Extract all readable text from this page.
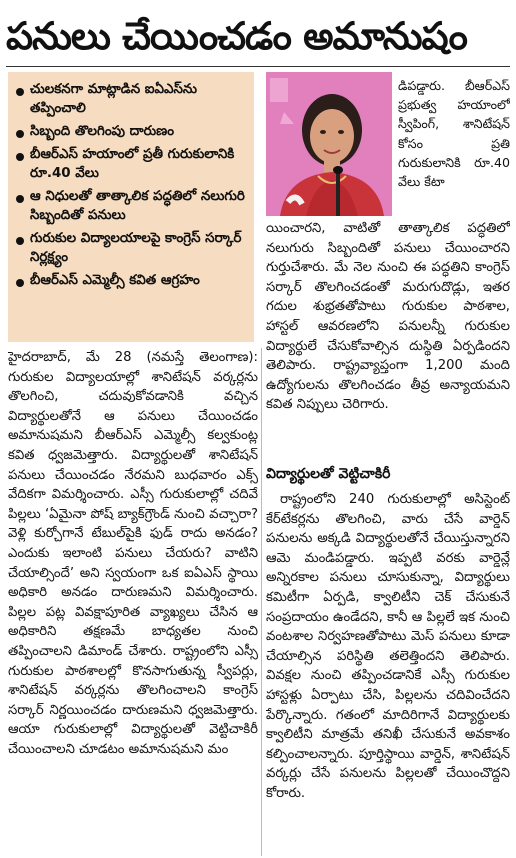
పనులు చేయించడం అమానుషం
చులకనగా మాట్లాడిన ఐఏఎస్‌ను తప్పించాలి
సిబ్బంది తొలగింపు దారుణం
బీఆర్ఎస్ హయాంలో ప్రతీ గురుకులానికి రూ.40 వేలు
ఆ నిధులతో తాత్కాలిక పద్ధతిలో నలుగురి సిబ్బందితో పనులు
గురుకుల విద్యాలయాలపై కాంగ్రెస్ సర్కార్ నిర్లక్ష్యం
బీఆర్ఎస్ ఎమ్మెల్సీ కవిత ఆగ్రహం

డిపడ్డారు. బీఆర్ఎస్ ప్రభుత్వ హయాంలో స్వీపింగ్, శానిటేషన్ కోసం ప్రతి గురుకులానికి రూ.40 వేలు కేటా

యించారని, వాటితో తాత్కాలిక పద్ధతిలో నలుగురు సిబ్బందితో పనులు చేయించారని గుర్తుచేశారు. మే నెల నుంచి ఈ పద్ధతిని కాంగ్రెస్ సర్కార్ తొలగించడంతో మరుగుదొడ్లు, ఇతర గదుల శుభ్రతతోపాటు గురుకుల పాఠశాల, హాస్టల్ ఆవరణలోని పనులన్నీ గురుకుల విద్యార్థులే చేసుకోవాల్సిన దుస్థితి ఏర్పడిందని తెలిపారు. రాష్ట్రవ్యాప్తంగా 1,200 మంది ఉద్యోగులను తొలగించడం తీవ్ర అన్యాయమని కవిత నిప్పులు చెరిగారు.

హైదరాబాద్, మే 28 (నమస్తే తెలంగాణ): గురుకుల విద్యాలయాల్లో శానిటేషన్ వర్కర్లను తొలగించి, చదువుకోవడానికి వచ్చిన విద్యార్థులతోనే ఆ పనులు చేయించడం అమానుషమని బీఆర్ఎస్ ఎమ్మెల్సీ కల్వకుంట్ల కవిత ధ్వజమెత్తారు. విద్యార్థులతో శానిటేషన్ పనులు చేయించడం నేరమని బుధవారం ఎక్స్ వేదికగా విమర్శించారు. ఎస్సీ గురుకులాల్లో చదివే పిల్లలు ‘ఏమైనా పోష్ బ్యాక్‌గ్రౌండ్ నుంచి వచ్చారా? వెళ్లి కుర్చోగానే టేబుల్‌పైకి ఫుడ్ రాదు అనడం? ఎందుకు ఇలాంటి పనులు చేయరు? వాటిని చేయాల్సిందే’ అని స్వయంగా ఒక ఐఏఎస్ స్థాయి అధికారి అనడం దారుణమని విమర్శించారు. పిల్లల పట్ల వివక్షాపూరిత వ్యాఖ్యలు చేసిన ఆ అధికారిని తక్షణమే బాధ్యతల నుంచి తప్పించాలని డిమాండ్ చేశారు. రాష్ట్రంలోని ఎస్సీ గురుకుల పాఠశాలల్లో కొనసాగుతున్న స్వీపర్లు, శానిటేషన్ వర్కర్లను తొలగించాలని కాంగ్రెస్ సర్కార్ నిర్ణయించడం దారుణమని ధ్వజమెత్తారు. ఆయా గురుకులాల్లో విద్యార్థులతో వెట్టిచాకిరీ చేయించాలని చూడటం అమానుషమని మం

విద్యార్థులతో వెట్టిచాకిరీ

రాష్ట్రంలోని 240 గురుకులాల్లో అసిస్టెంట్ కేర్‌టేకర్లను తొలగించి, వారు చేసే వార్డెన్ పనులను అక్కడి విద్యార్థులతోనే చేయిస్తున్నారని ఆమె మండిపడ్డారు. ఇప్పటి వరకు వార్డెన్లే అన్నిరకాల పనులు చూసుకున్నా, విద్యార్థులు కమిటీగా ఏర్పడి, క్వాలిటీని చెక్ చేసుకునే సంప్రదాయం ఉండేదని, కానీ ఆ పిల్లలే ఇక నుంచి వంటశాల నిర్వహణతోపాటు మెస్ పనులు కూడా చేయాల్సిన పరిస్థితి తలెత్తిందని తెలిపారు. వివక్షల నుంచి తప్పించడానికే ఎస్సీ గురుకుల హాస్టళ్లు ఏర్పాటు చేసి, పిల్లలను చదివించేదని పేర్కొన్నారు. గతంలో మాదిరిగానే విద్యార్థులకు క్వాలిటీని మాత్రమే తనిఖీ చేసుకునే అవకాశం కల్పించాలన్నారు. పూర్తిస్థాయి వార్డెన్, శానిటేషన్ వర్కర్లు చేసే పనులను పిల్లలతో చేయించొద్దని కోరారు.
